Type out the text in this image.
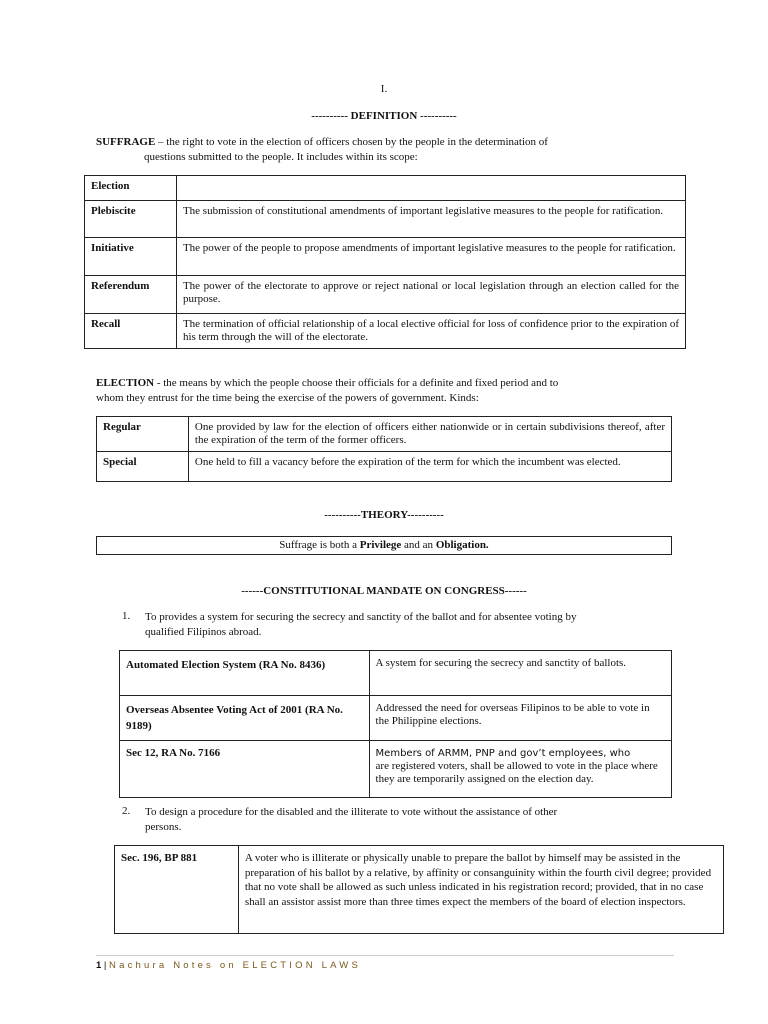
I.
---------- DEFINITION ----------
SUFFRAGE – the right to vote in the election of officers chosen by the people in the determination of
questions submitted to the people. It includes within its scope:
Election	
Plebiscite	The submission of constitutional amendments of important legislative measures to the people for ratification.
Initiative	The power of the people to propose amendments of important legislative measures to the people for ratification.
Referendum	The power of the electorate to approve or reject national or local legislation through an election called for the purpose.
Recall	The termination of official relationship of a local elective official for loss of confidence prior to the expiration of his term through the will of the electorate.
ELECTION - the means by which the people choose their officials for a definite and fixed period and to
whom they entrust for the time being the exercise of the powers of government. Kinds:
Regular	One provided by law for the election of officers either nationwide or in certain subdivisions thereof, after the expiration of the term of the former officers.
Special	One held to fill a vacancy before the expiration of the term for which the incumbent was elected.
----------THEORY----------
Suffrage is both a Privilege and an Obligation.
------CONSTITUTIONAL MANDATE ON CONGRESS------
1. To provides a system for securing the secrecy and sanctity of the ballot and for absentee voting by
qualified Filipinos abroad.
Automated Election System (RA No. 8436)	A system for securing the secrecy and sanctity of ballots.
Overseas Absentee Voting Act of 2001 (RA No. 9189)	Addressed the need for overseas Filipinos to be able to vote in the Philippine elections.
Sec 12, RA No. 7166	Members of ARMM, PNP and gov’t employees, who
are registered voters, shall be allowed to vote in the place where they are temporarily assigned on the election day.
2. To design a procedure for the disabled and the illiterate to vote without the assistance of other
persons.
Sec. 196, BP 881	A voter who is illiterate or physically unable to prepare the ballot by himself may be assisted in the preparation of his ballot by a relative, by affinity or consanguinity within the fourth civil degree; provided that no vote shall be allowed as such unless indicated in his registration record; provided, that in no case shall an assistor assist more than three times expect the members of the board of election inspectors.
1 | Nachura Notes on ELECTION LAWS
